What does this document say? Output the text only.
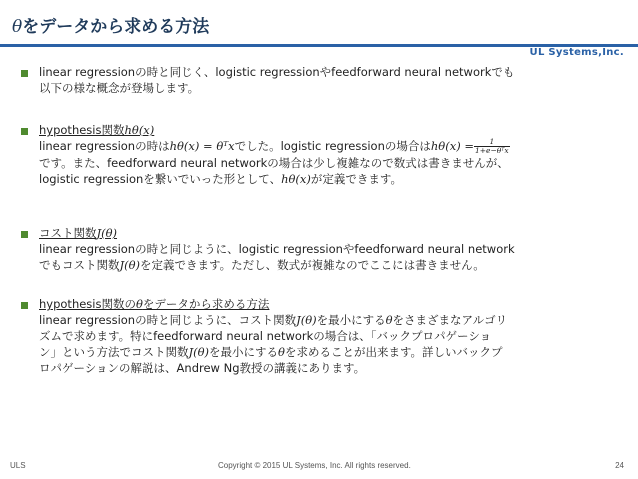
θをデータから求める方法
UL Systems,Inc.
linear regressionの時と同じく、logistic regressionやfeedforward neural networkでも
以下の様な概念が登場します。
hypothesis関数hθ(x)
linear regressionの時はhθ(x) = θᵀxでした。logistic regressionの場合は$h\theta(x) = \frac{1}{\text{1+e−θᵀx}}$
です。また、feedforward neural networkの場合は少し複雑なので数式は書きませんが、
logistic regressionを繋いでいった形として、hθ(x)が定義できます。
コスト関数J(θ)
linear regressionの時と同じように、logistic regressionやfeedforward neural network
でもコスト関数J(θ)を定義できます。ただし、数式が複雑なのでここには書きません。
hypothesis関数のθをデータから求める方法
linear regressionの時と同じように、コスト関数J(θ)を最小にするθをさまざまなアルゴリ
ズムで求めます。特にfeedforward neural networkの場合は、「バックプロパゲーショ
ン」という方法でコスト関数J(θ)を最小にするθを求めることが出来ます。詳しいバックプ
ロパゲーションの解説は、Andrew Ng教授の講義にあります。
ULS	Copyright © 2015 UL Systems, Inc. All rights reserved.	24
